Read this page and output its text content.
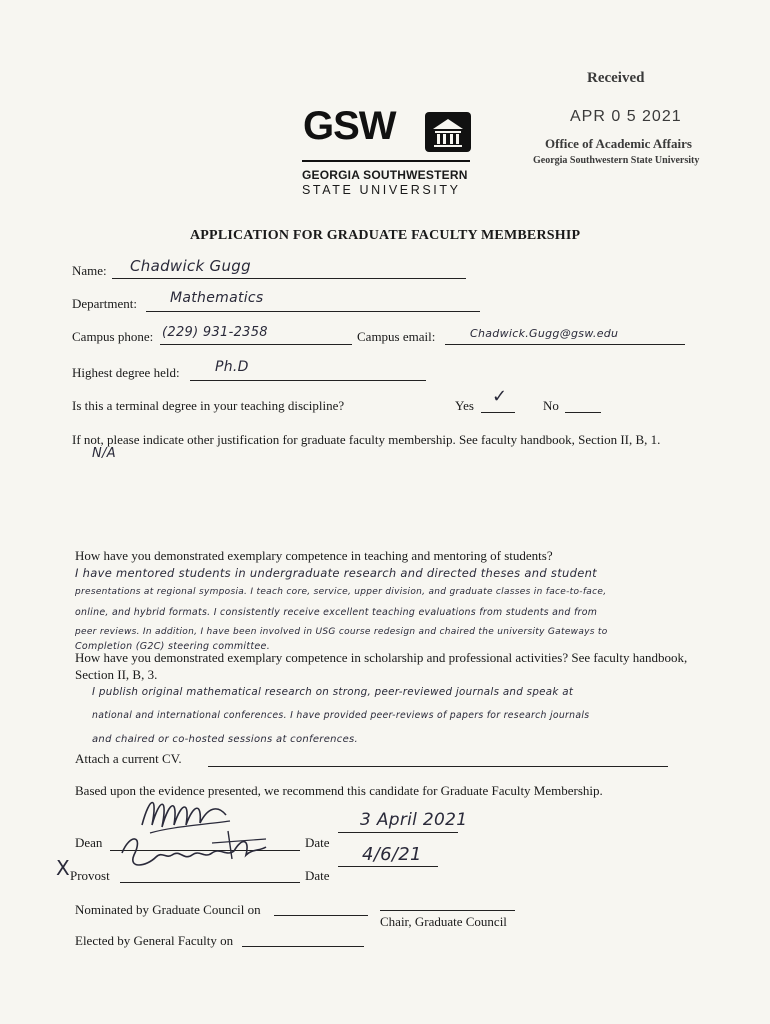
Received
APR 0 5 2021
Office of Academic Affairs
Georgia Southwestern State University
GSW
GEORGIA SOUTHWESTERN
STATE UNIVERSITY
APPLICATION FOR GRADUATE FACULTY MEMBERSHIP
Name: Chadwick Gugg
Department: Mathematics
Campus phone: (229) 931-2358	Campus email:	Chadwick.Gugg@gsw.edu
Highest degree held:	Ph.D
Is this a terminal degree in your teaching discipline?	Yes ✓	No
If not, please indicate other justification for graduate faculty membership. See faculty handbook, Section II, B, 1.
N/A
How have you demonstrated exemplary competence in teaching and mentoring of students?
I have mentored students in undergraduate research and directed theses and student
presentations at regional symposia. I teach core, service, upper division, and graduate classes in face-to-face,
online, and hybrid formats. I consistently receive excellent teaching evaluations from students and from
peer reviews. In addition, I have been involved in USG course redesign and chaired the university Gateways to
Completion (G2C) steering committee.
How have you demonstrated exemplary competence in scholarship and professional activities? See faculty handbook, Section II, B, 3.
I publish original mathematical research on strong, peer-reviewed journals and speak at
national and international conferences. I have provided peer-reviews of papers for research journals
and chaired or co-hosted sessions at conferences.
Attach a current CV.
Based upon the evidence presented, we recommend this candidate for Graduate Faculty Membership.
Dean	Date
3 April 2021
X Provost	Date
4/6/21
Nominated by Graduate Council on
Chair, Graduate Council
Elected by General Faculty on
